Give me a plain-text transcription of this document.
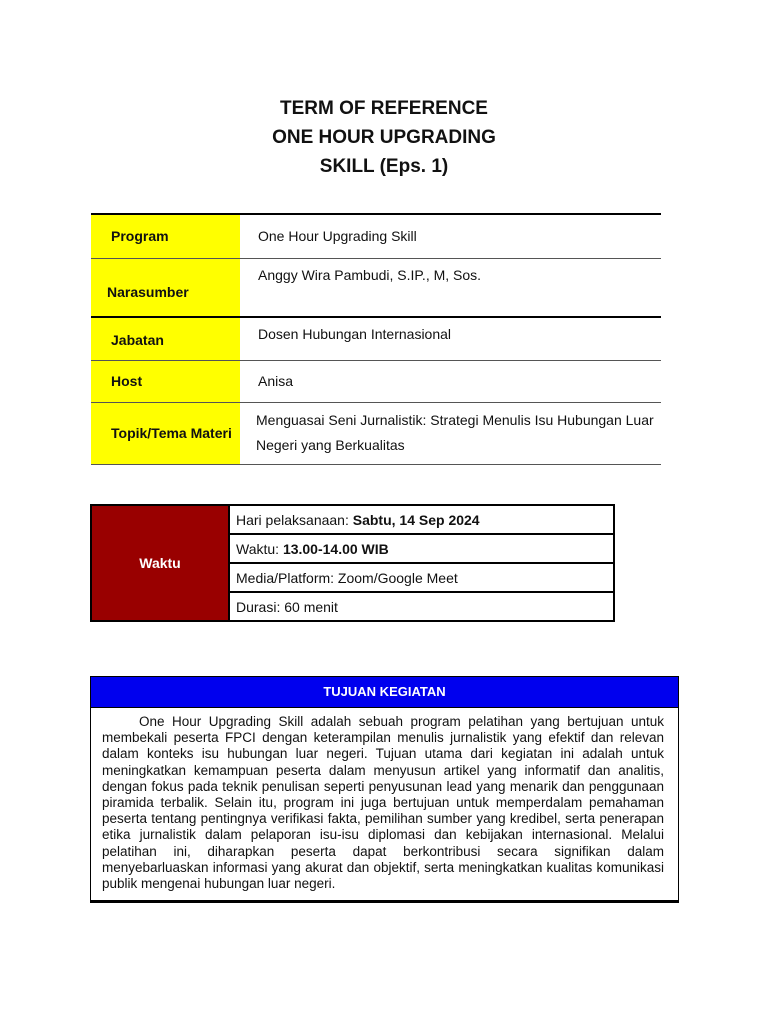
TERM OF REFERENCE
ONE HOUR UPGRADING
SKILL (Eps. 1)
Program	One Hour Upgrading Skill
Narasumber	Anggy Wira Pambudi, S.IP., M, Sos.
Jabatan	Dosen Hubungan Internasional
Host	Anisa
Topik/Tema Materi	Menguasai Seni Jurnalistik: Strategi Menulis Isu Hubungan Luar
Negeri yang Berkualitas
Waktu	Hari pelaksanaan: Sabtu, 14 Sep 2024
Waktu: 13.00-14.00 WIB
Media/Platform: Zoom/Google Meet
Durasi: 60 menit
TUJUAN KEGIATAN
One Hour Upgrading Skill adalah sebuah program pelatihan yang bertujuan untuk membekali peserta FPCI dengan keterampilan menulis jurnalistik yang efektif dan relevan dalam konteks isu hubungan luar negeri. Tujuan utama dari kegiatan ini adalah untuk meningkatkan kemampuan peserta dalam menyusun artikel yang informatif dan analitis, dengan fokus pada teknik penulisan seperti penyusunan lead yang menarik dan penggunaan piramida terbalik. Selain itu, program ini juga bertujuan untuk memperdalam pemahaman peserta tentang pentingnya verifikasi fakta, pemilihan sumber yang kredibel, serta penerapan etika jurnalistik dalam pelaporan isu-isu diplomasi dan kebijakan internasional. Melalui pelatihan ini, diharapkan peserta dapat berkontribusi secara signifikan dalam menyebarluaskan informasi yang akurat dan objektif, serta meningkatkan kualitas komunikasi publik mengenai hubungan luar negeri.
